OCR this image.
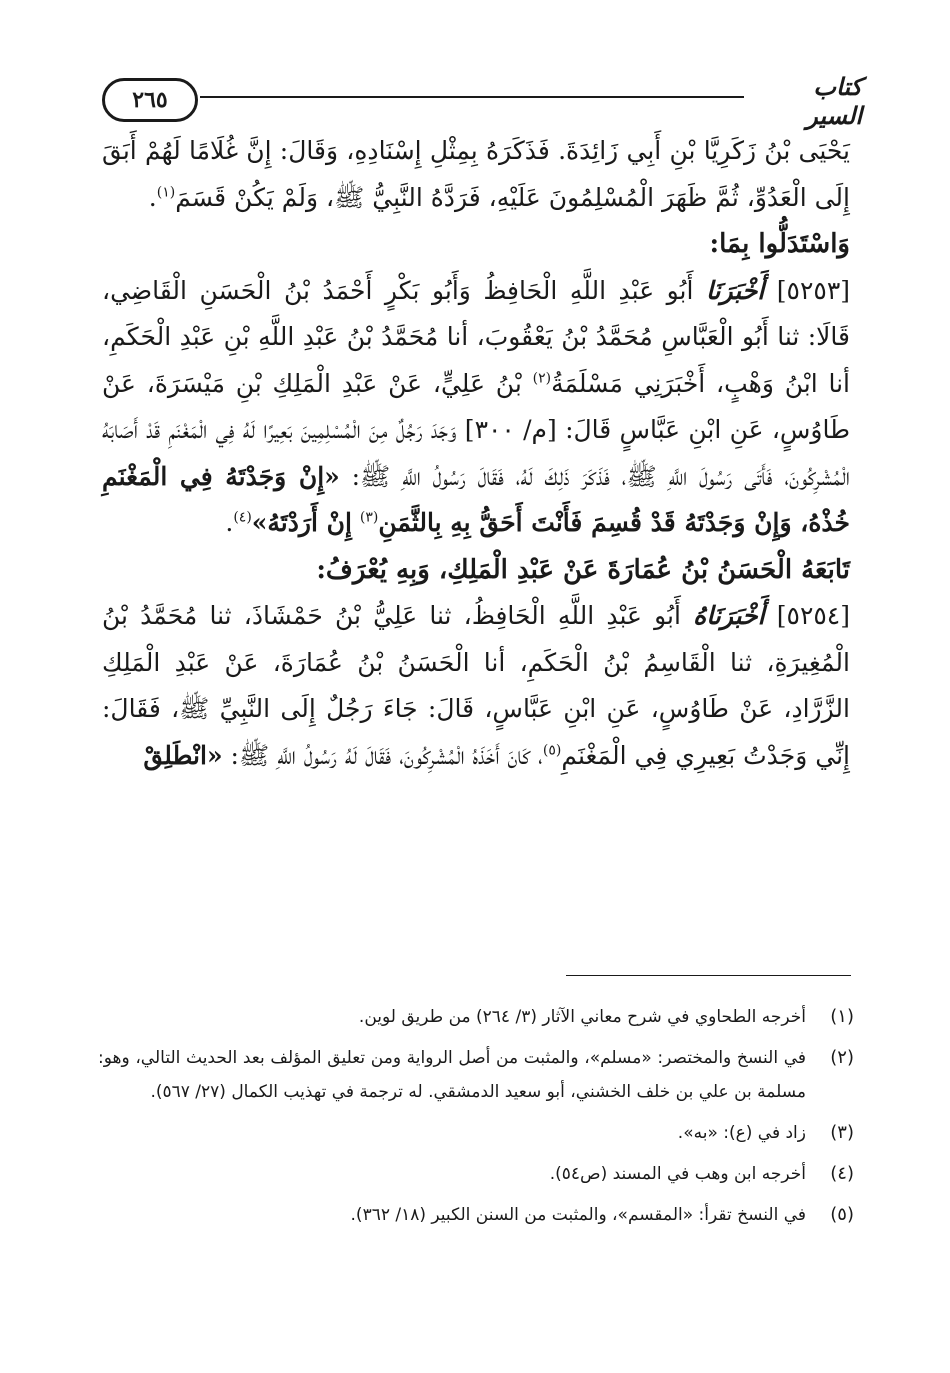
٢٦٥	كتاب السير

يَحْيَى بْنُ زَكَرِيَّا بْنِ أَبِي زَائِدَةَ. فَذَكَرَهُ بِمِثْلِ إِسْنَادِهِ، وَقَالَ: إِنَّ غُلَامًا لَهُمْ أَبَقَ إِلَى الْعَدُوِّ، ثُمَّ ظَهَرَ الْمُسْلِمُونَ عَلَيْهِ، فَرَدَّهُ النَّبِيُّ ﷺ، وَلَمْ يَكُنْ قَسَمَ$^{(١)}$.

وَاسْتَدَلُّوا بِمَا:

[٥٢٥٣] أَخْبَرَنَا أَبُو عَبْدِ اللَّهِ الْحَافِظُ وَأَبُو بَكْرٍ أَحْمَدُ بْنُ الْحَسَنِ الْقَاضِي، قَالَا: ثنا أَبُو الْعَبَّاسِ مُحَمَّدُ بْنُ يَعْقُوبَ، أنا مُحَمَّدُ بْنُ عَبْدِ اللَّهِ بْنِ عَبْدِ الْحَكَمِ، أنا ابْنُ وَهْبٍ، أَخْبَرَنِي مَسْلَمَةُ$^{(٢)}$ بْنُ عَلِيٍّ، عَنْ عَبْدِ الْمَلِكِ بْنِ مَيْسَرَةَ، عَنْ طَاوُسٍ، عَنِ ابْنِ عَبَّاسٍ قَالَ: [م/ ٣٠٠] وَجَدَ رَجُلٌ مِنَ الْمُسْلِمِينَ بَعِيرًا لَهُ فِي الْمَغْنَمِ قَدْ أَصَابَهُ الْمُشْرِكُونَ، فَأَتَى رَسُولَ اللَّهِ ﷺ، فَذَكَرَ ذَلِكَ لَهُ، فَقَالَ رَسُولُ اللَّهِ ﷺ: «إِنْ وَجَدْتَهُ فِي الْمَغْنَمِ خُذْهُ، وَإِنْ وَجَدْتَهُ قَدْ قُسِمَ فَأَنْتَ أَحَقُّ بِهِ بِالثَّمَنِ$^{(٣)}$ إِنْ أَرَدْتَهُ»$^{(٤)}$.

تَابَعَهُ الْحَسَنُ بْنُ عُمَارَةَ عَنْ عَبْدِ الْمَلِكِ، وَبِهِ يُعْرَفُ:

[٥٢٥٤] أَخْبَرَنَاهُ أَبُو عَبْدِ اللَّهِ الْحَافِظُ، ثنا عَلِيُّ بْنُ حَمْشَاذَ، ثنا مُحَمَّدُ بْنُ الْمُغِيرَةِ، ثنا الْقَاسِمُ بْنُ الْحَكَمِ، أنا الْحَسَنُ بْنُ عُمَارَةَ، عَنْ عَبْدِ الْمَلِكِ الزَّرَّادِ، عَنْ طَاوُسٍ، عَنِ ابْنِ عَبَّاسٍ، قَالَ: جَاءَ رَجُلٌ إِلَى النَّبِيِّ ﷺ، فَقَالَ: إِنِّي وَجَدْتُ بَعِيرِي فِي الْمَغْنَمِ$^{(٥)}$، كَانَ أَخَذَهُ الْمُشْرِكُونَ، فَقَالَ لَهُ رَسُولُ اللَّهِ ﷺ: «انْطَلِقْ

(١)
أخرجه الطحاوي في شرح معاني الآثار (٣/ ٢٦٤) من طريق لوين.
(٢)
في النسخ والمختصر: «مسلم»، والمثبت من أصل الرواية ومن تعليق المؤلف بعد الحديث التالي، وهو: مسلمة بن علي بن خلف الخشني، أبو سعيد الدمشقي. له ترجمة في تهذيب الكمال (٢٧/ ٥٦٧).
(٣)
زاد في (ع): «به».
(٤)
أخرجه ابن وهب في المسند (ص٥٤).
(٥)
في النسخ تقرأ: «المقسم»، والمثبت من السنن الكبير (١٨/ ٣٦٢).
